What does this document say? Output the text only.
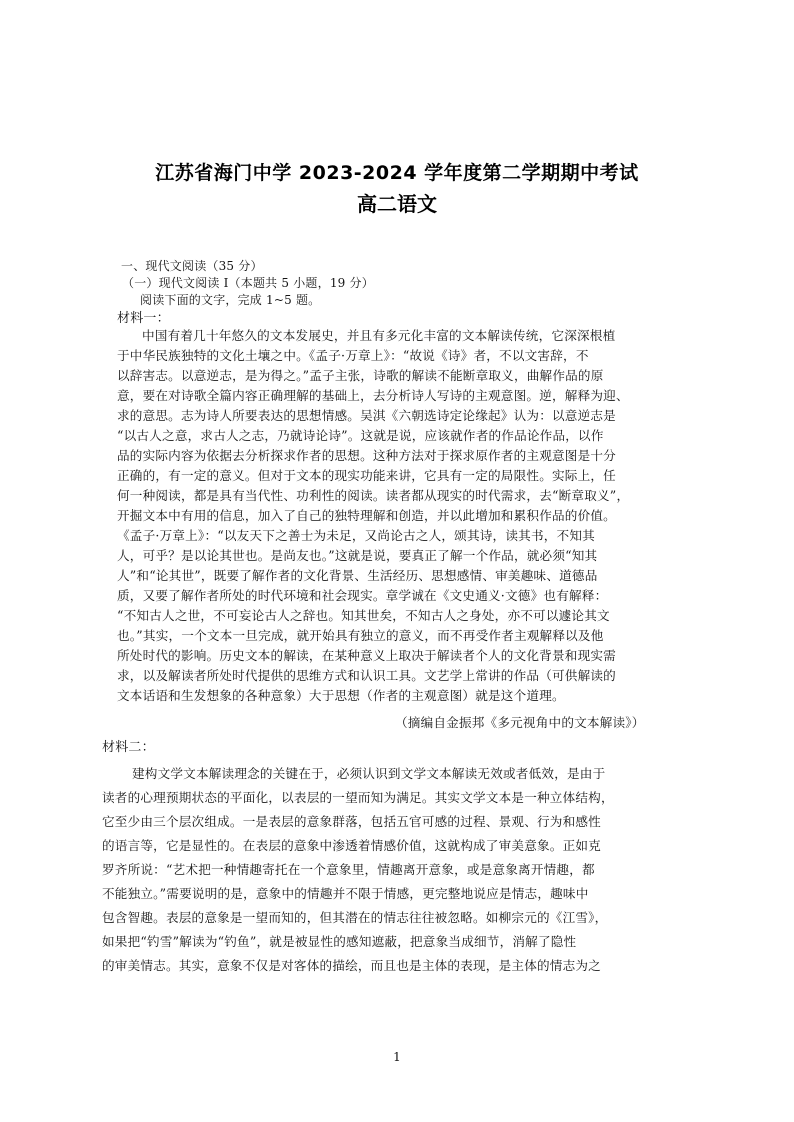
江苏省海门中学 2023-2024 学年度第二学期期中考试
高二语文
一、现代文阅读（35 分）
（一）现代文阅读 I（本题共 5 小题，19 分）
阅读下面的文字，完成 1~5 题。
材料一：
中国有着几十年悠久的文本发展史，并且有多元化丰富的文本解读传统，它深深根植
于中华民族独特的文化土壤之中。《孟子·万章上》：“故说《诗》者，不以文害辞，不
以辞害志。以意逆志，是为得之。”孟子主张，诗歌的解读不能断章取义，曲解作品的原
意，要在对诗歌全篇内容正确理解的基础上，去分析诗人写诗的主观意图。逆，解释为迎、
求的意思。志为诗人所要表达的思想情感。吴淇《六朝选诗定论缘起》认为：以意逆志是
“以古人之意，求古人之志，乃就诗论诗”。这就是说，应该就作者的作品论作品，以作
品的实际内容为依据去分析探求作者的思想。这种方法对于探求原作者的主观意图是十分
正确的，有一定的意义。但对于文本的现实功能来讲，它具有一定的局限性。实际上，任
何一种阅读，都是具有当代性、功利性的阅读。读者都从现实的时代需求，去“断章取义”，
开掘文本中有用的信息，加入了自己的独特理解和创造，并以此增加和累积作品的价值。
《孟子·万章上》：“以友天下之善士为未足，又尚论古之人，颂其诗，读其书，不知其
人，可乎？是以论其世也。是尚友也。”这就是说，要真正了解一个作品，就必须“知其
人”和“论其世”，既要了解作者的文化背景、生活经历、思想感情、审美趣味、道德品
质，又要了解作者所处的时代环境和社会现实。章学诚在《文史通义·文德》也有解释：
“不知古人之世，不可妄论古人之辞也。知其世矣，不知古人之身处，亦不可以遽论其文
也。”其实，一个文本一旦完成，就开始具有独立的意义，而不再受作者主观解释以及他
所处时代的影响。历史文本的解读，在某种意义上取决于解读者个人的文化背景和现实需
求，以及解读者所处时代提供的思维方式和认识工具。文艺学上常讲的作品（可供解读的
文本话语和生发想象的各种意象）大于思想（作者的主观意图）就是这个道理。
（摘编自金振邦《多元视角中的文本解读》）
材料二：
建构文学文本解读理念的关键在于，必须认识到文学文本解读无效或者低效，是由于
读者的心理预期状态的平面化，以表层的一望而知为满足。其实文学文本是一种立体结构，
它至少由三个层次组成。一是表层的意象群落，包括五官可感的过程、景观、行为和感性
的语言等，它是显性的。在表层的意象中渗透着情感价值，这就构成了审美意象。正如克
罗齐所说：“艺术把一种情趣寄托在一个意象里，情趣离开意象，或是意象离开情趣，都
不能独立。”需要说明的是，意象中的情趣并不限于情感，更完整地说应是情志，趣味中
包含智趣。表层的意象是一望而知的，但其潜在的情志往往被忽略。如柳宗元的《江雪》，
如果把“钓雪”解读为“钓鱼”，就是被显性的感知遮蔽，把意象当成细节，消解了隐性
的审美情志。其实，意象不仅是对客体的描绘，而且也是主体的表现，是主体的情志为之
1
